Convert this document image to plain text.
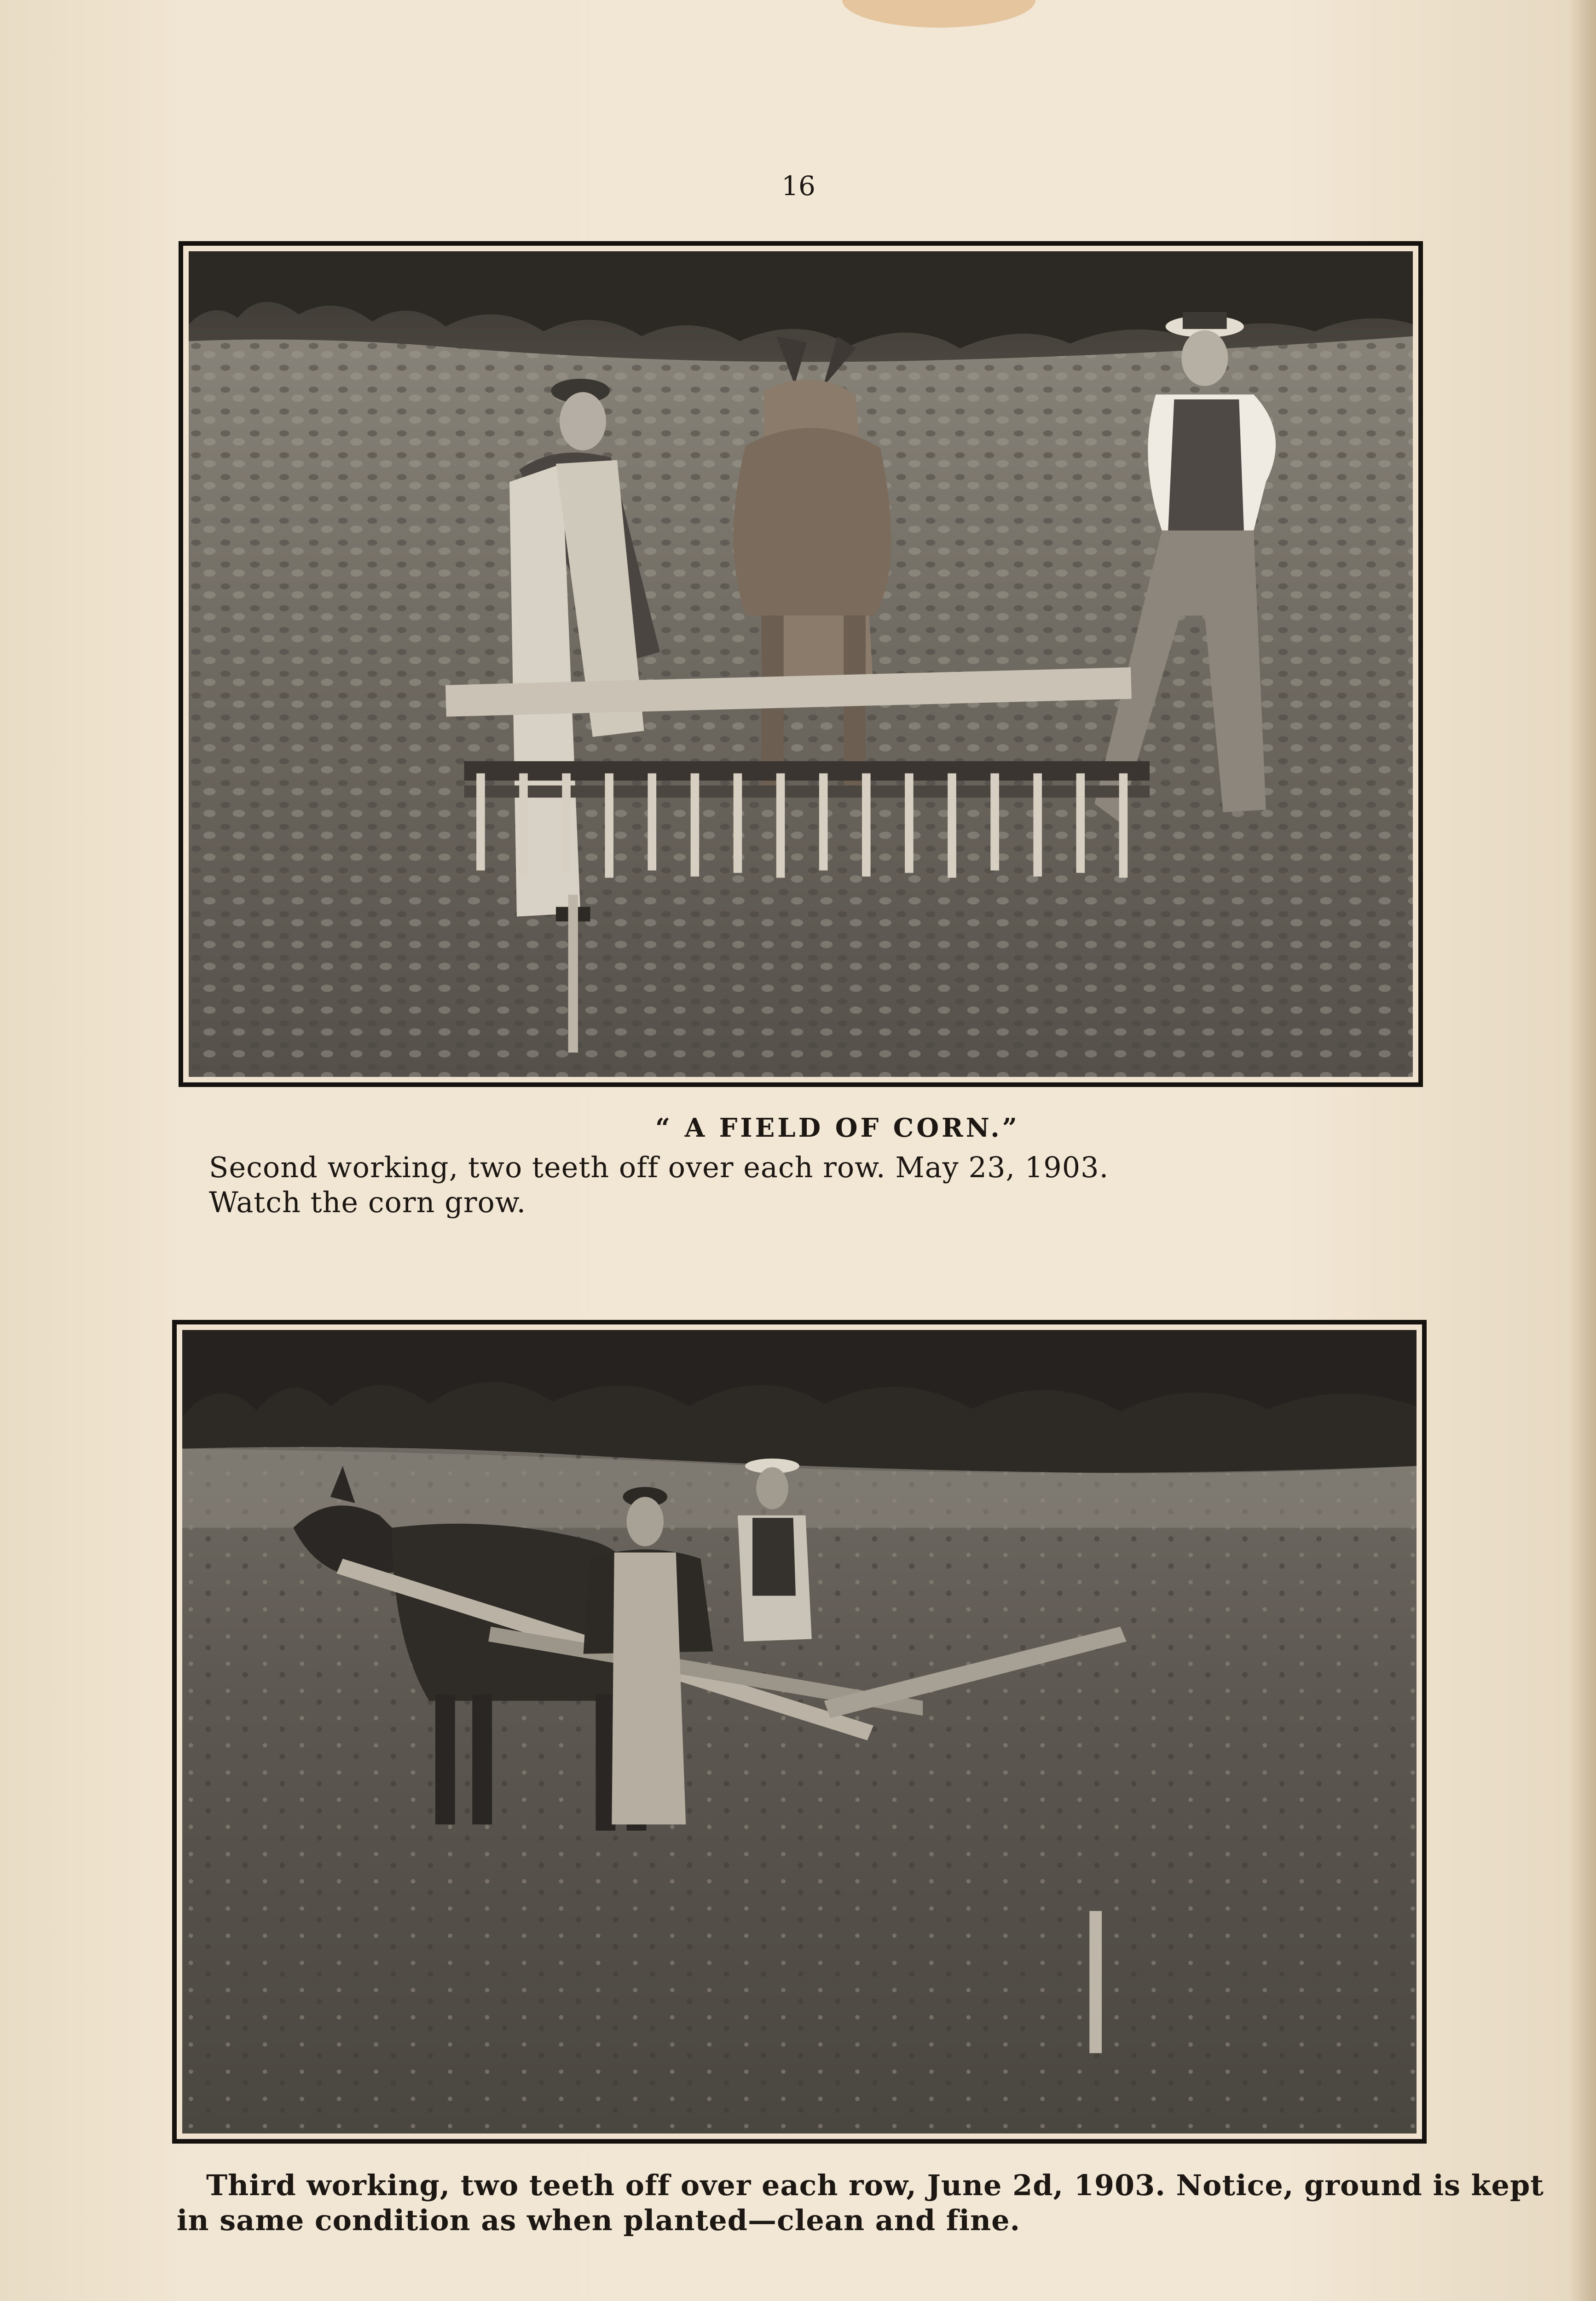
16
“ A FIELD OF CORN.”
Second working, two teeth off over each row. May 23, 1903.
Watch the corn grow.
Third working, two teeth off over each row, June 2d, 1903. Notice, ground is kept
in same condition as when planted—clean and fine.
